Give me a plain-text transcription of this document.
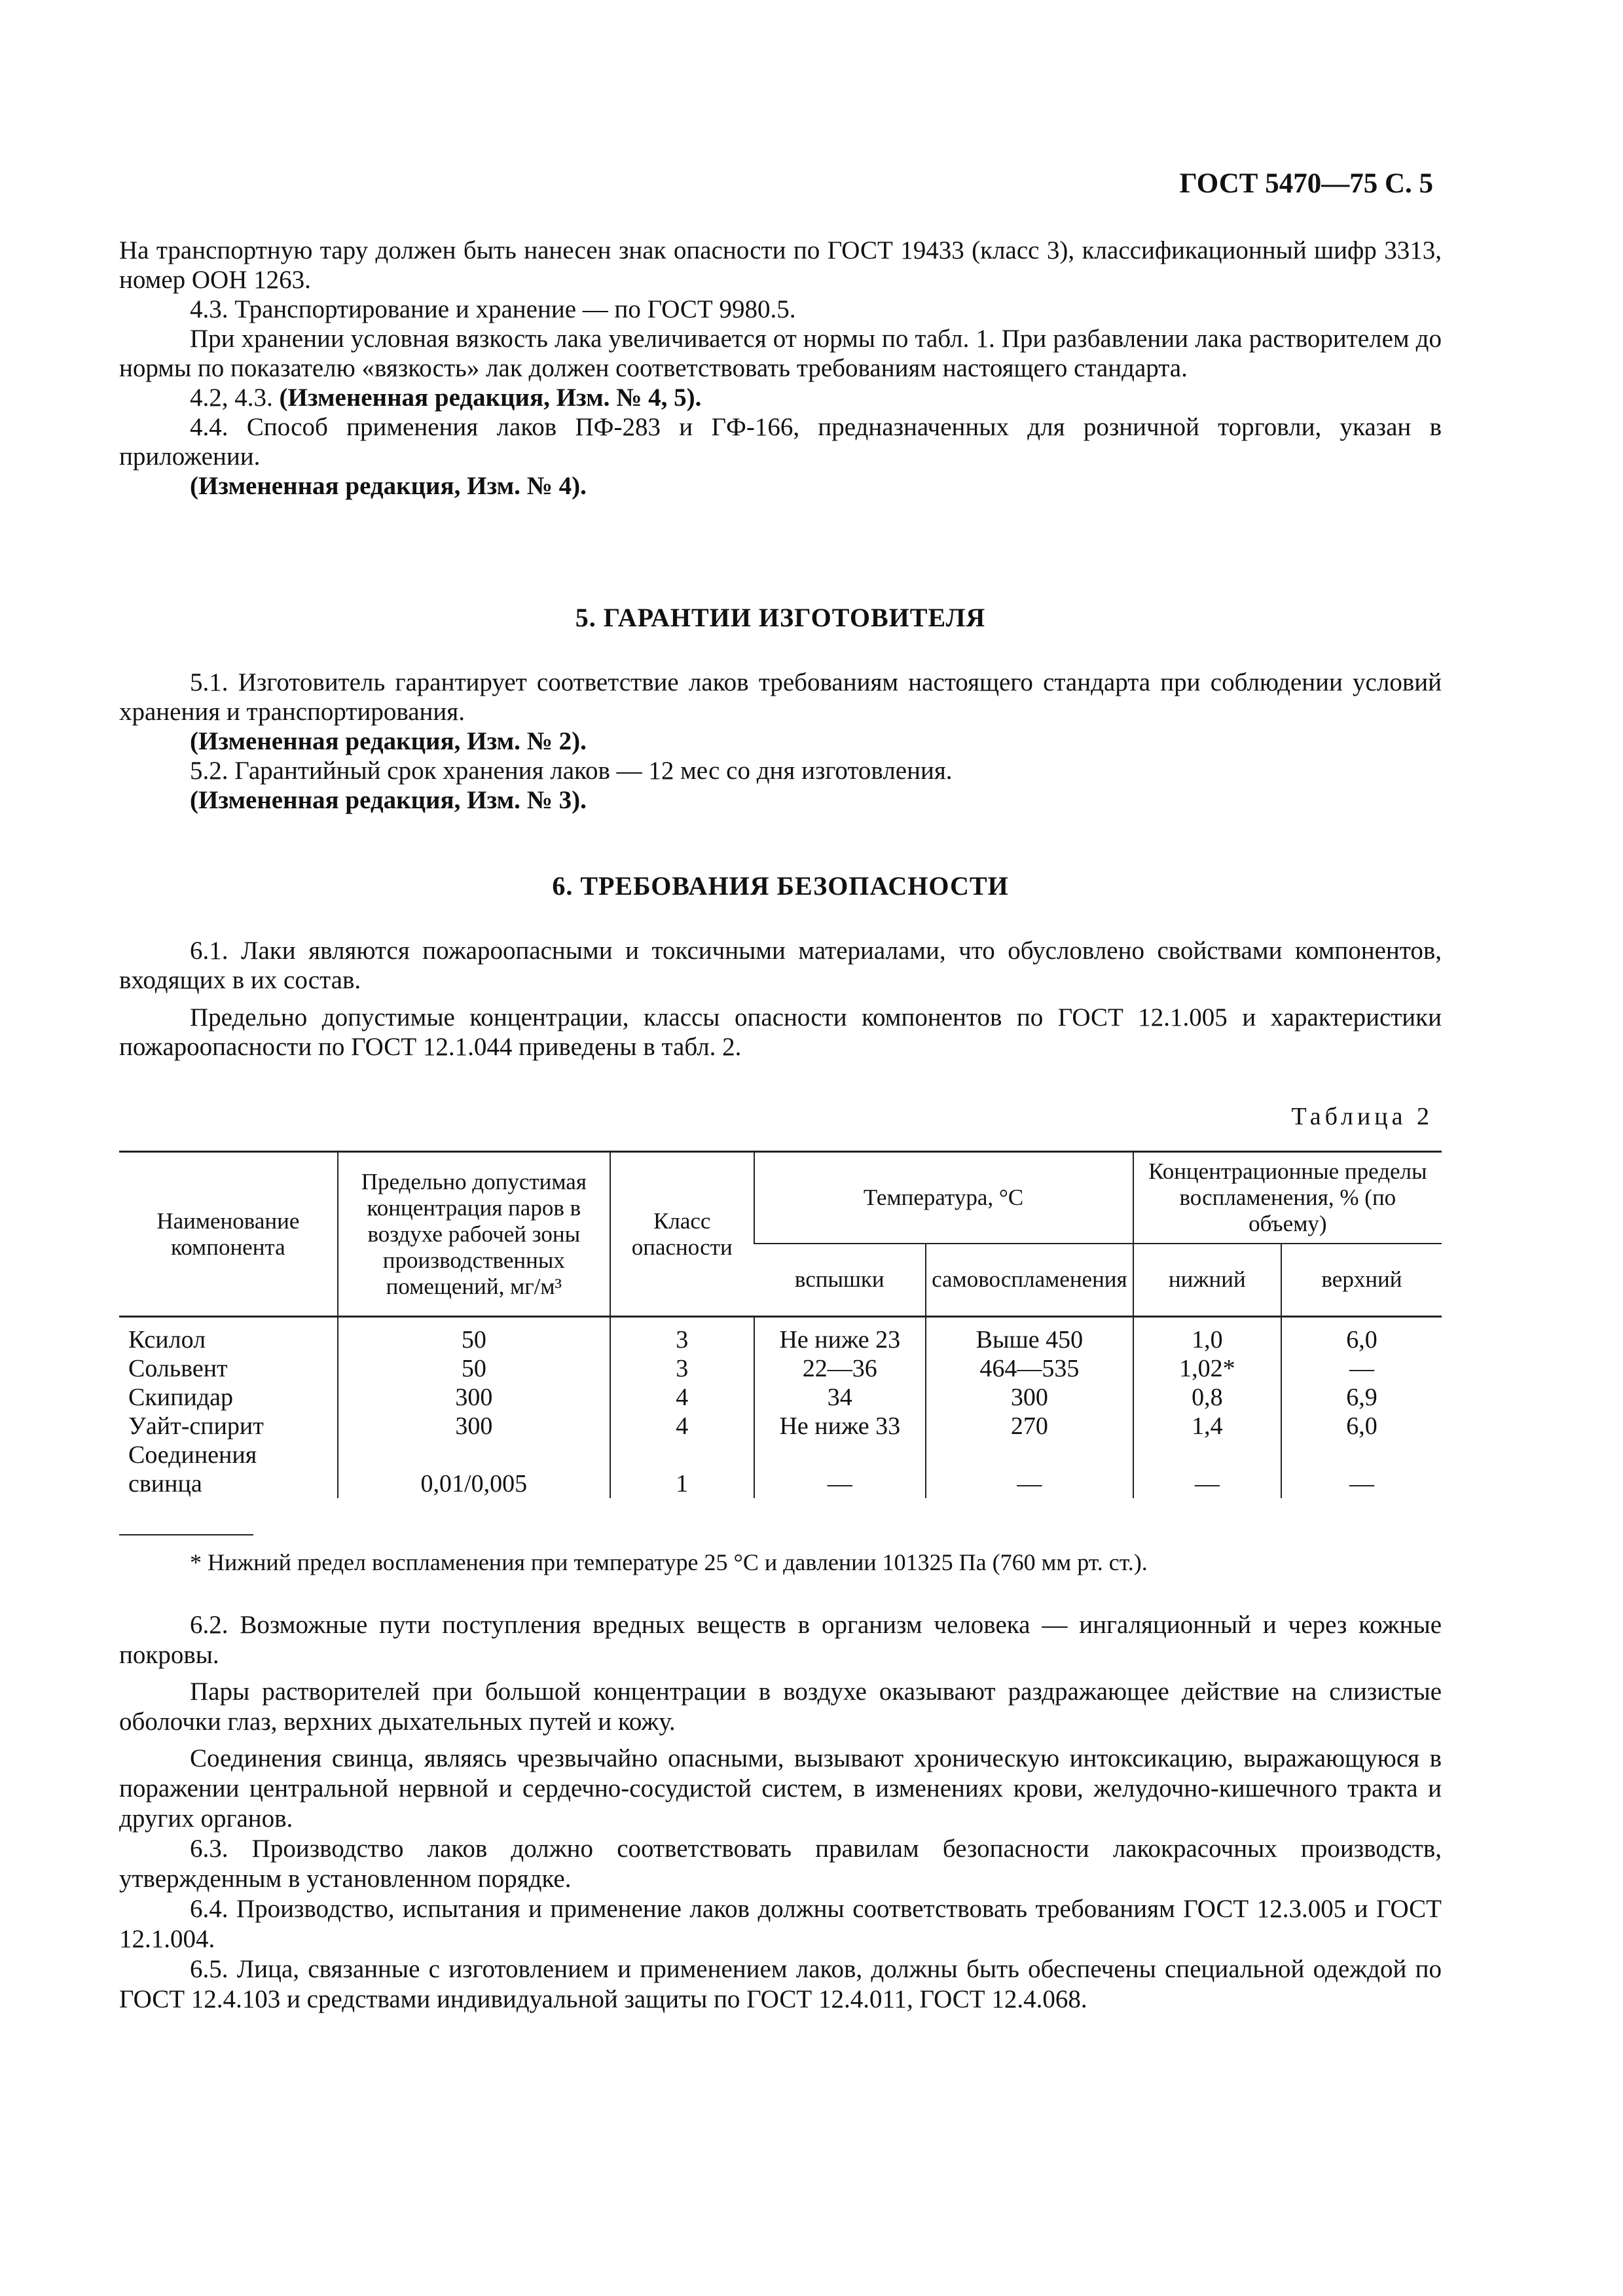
ГОСТ 5470—75 С. 5

На транспортную тару должен быть нанесен знак опасности по ГОСТ 19433 (класс 3), классификационный шифр 3313, номер ООН 1263.

4.3. Транспортирование и хранение — по ГОСТ 9980.5.

При хранении условная вязкость лака увеличивается от нормы по табл. 1. При разбавлении лака растворителем до нормы по показателю «вязкость» лак должен соответствовать требованиям настоящего стандарта.

4.2, 4.3. (Измененная редакция, Изм. № 4, 5).

4.4. Способ применения лаков ПФ-283 и ГФ-166, предназначенных для розничной торговли, указан в приложении.

(Измененная редакция, Изм. № 4).

5. ГАРАНТИИ ИЗГОТОВИТЕЛЯ

5.1. Изготовитель гарантирует соответствие лаков требованиям настоящего стандарта при соблюдении условий хранения и транспортирования.

(Измененная редакция, Изм. № 2).

5.2. Гарантийный срок хранения лаков — 12 мес со дня изготовления.

(Измененная редакция, Изм. № 3).

6. ТРЕБОВАНИЯ БЕЗОПАСНОСТИ

6.1. Лаки являются пожароопасными и токсичными материалами, что обусловлено свойствами компонентов, входящих в их состав.

Предельно допустимые концентрации, классы опасности компонентов по ГОСТ 12.1.005 и характеристики пожароопасности по ГОСТ 12.1.044 приведены в табл. 2.

Таблица 2
Наименование компонента	Предельно допустимая концентрация паров в воздухе рабочей зоны производственных помещений, мг/м³	Класс опасности	Температура, °С		Концентрационные пределы воспламенения, % (по объему)	
			вспышки	самовоспламенения	нижний	верхний
Ксилол	50	3	Не ниже 23	Выше 450	1,0	6,0
Сольвент	50	3	22—36	464—535	1,02*	—
Скипидар	300	4	34	300	0,8	6,9
Уайт-спирит	300	4	Не ниже 33	270	1,4	6,0
Соединения						
свинца	0,01/0,005	1	—	—	—	—
* Нижний предел воспламенения при температуре 25 °С и давлении 101325 Па (760 мм рт. ст.).

6.2. Возможные пути поступления вредных веществ в организм человека — ингаляционный и через кожные покровы.

Пары растворителей при большой концентрации в воздухе оказывают раздражающее действие на слизистые оболочки глаз, верхних дыхательных путей и кожу.

Соединения свинца, являясь чрезвычайно опасными, вызывают хроническую интоксикацию, выражающуюся в поражении центральной нервной и сердечно-сосудистой систем, в изменениях крови, желудочно-кишечного тракта и других органов.

6.3. Производство лаков должно соответствовать правилам безопасности лакокрасочных производств, утвержденным в установленном порядке.

6.4. Производство, испытания и применение лаков должны соответствовать требованиям ГОСТ 12.3.005 и ГОСТ 12.1.004.

6.5. Лица, связанные с изготовлением и применением лаков, должны быть обеспечены специальной одеждой по ГОСТ 12.4.103 и средствами индивидуальной защиты по ГОСТ 12.4.011, ГОСТ 12.4.068.
